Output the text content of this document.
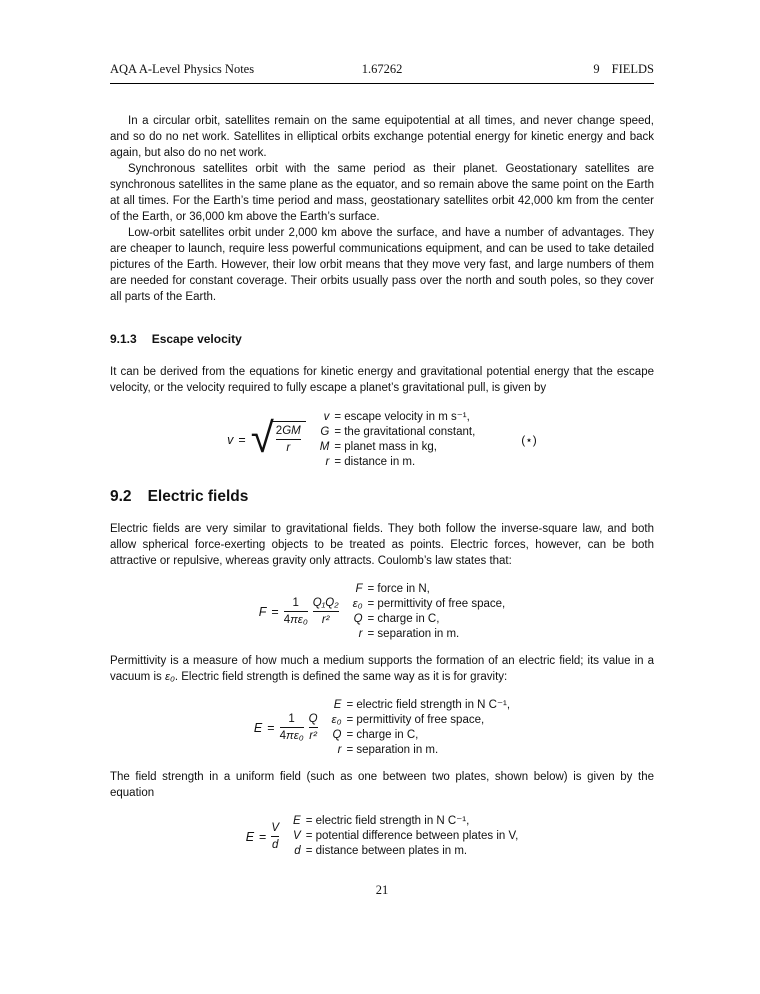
AQA A-Level Physics Notes	1.67262	9 FIELDS

In a circular orbit, satellites remain on the same equipotential at all times, and never change speed, and so do no net work. Satellites in elliptical orbits exchange potential energy for kinetic energy and back again, but also do no net work.

Synchronous satellites orbit with the same period as their planet. Geostationary satellites are synchronous satellites in the same plane as the equator, and so remain above the same point on the Earth at all times. For the Earth’s time period and mass, geostationary satellites orbit 42,000 km from the center of the Earth, or 36,000 km above the Earth’s surface.

Low-orbit satellites orbit under 2,000 km above the surface, and have a number of advantages. They are cheaper to launch, require less powerful communications equipment, and can be used to take detailed pictures of the Earth. However, their low orbit means that they move very fast, and large numbers of them are needed for constant coverage. Their orbits usually pass over the north and south poles, so they cover all parts of the Earth.

9.1.3 Escape velocity

It can be derived from the equations for kinetic energy and gravitational potential energy that the escape velocity, or the velocity required to fully escape a planet’s gravitational pull, is given by

v = √ $\frac{2GM}{r}$
v = escape velocity in m s⁻¹,
G = the gravitational constant,
M = planet mass in kg,
r = distance in m.
(⋆)
9.2 Electric fields

Electric fields are very similar to gravitational fields. They both follow the inverse-square law, and both allow spherical force-exerting objects to be treated as points. Electric forces, however, can be both attractive or repulsive, whereas gravity only attracts. Coulomb’s law states that:

$F = \frac{1}{\text{4πε₀}} \frac{\text{Q₁Q₂}}{\text{r²}}$
F = force in N,
ε₀ = permittivity of free space,
Q = charge in C,
r = separation in m.

Permittivity is a measure of how much a medium supports the formation of an electric field; its value in a vacuum is ε₀. Electric field strength is defined the same way as it is for gravity:

$E = \frac{1}{\text{4πε₀}} \frac{Q}{\text{r²}}$
E = electric field strength in N C⁻¹,
ε₀ = permittivity of free space,
Q = charge in C,
r = separation in m.

The field strength in a uniform field (such as one between two plates, shown below) is given by the equation

$E = \frac{V}{d}$
E = electric field strength in N C⁻¹,
V = potential difference between plates in V,
d = distance between plates in m.
21
